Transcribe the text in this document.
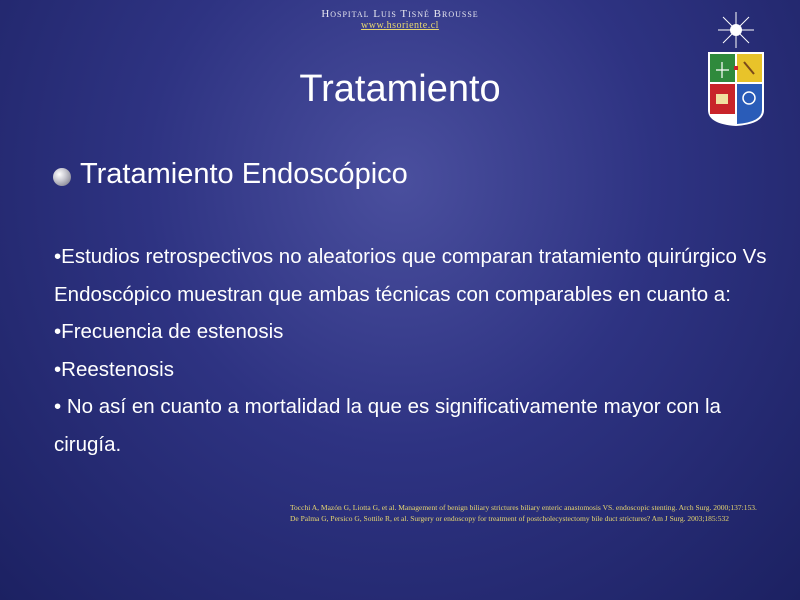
Hospital Luis Tisné Brousse
www.hsoriente.cl
Tratamiento
Tratamiento Endoscópico

•Estudios retrospectivos no aleatorios que comparan tratamiento quirúrgico Vs Endoscópico muestran que ambas técnicas con comparables en cuanto a:

•Frecuencia de estenosis

•Reestenosis

• No así en cuanto a mortalidad la que es significativamente mayor con la cirugía.

Tocchi A, Mazón G, Liotta G, et al. Management of benign biliary strictures biliary enteric anastomosis VS. endoscopic stenting. Arch Surg. 2000;137:153.

De Palma G, Persico G, Sottile R, et al. Surgery or endoscopy for treatment of postcholecystectomy bile duct strictures? Am J Surg. 2003;185:532
